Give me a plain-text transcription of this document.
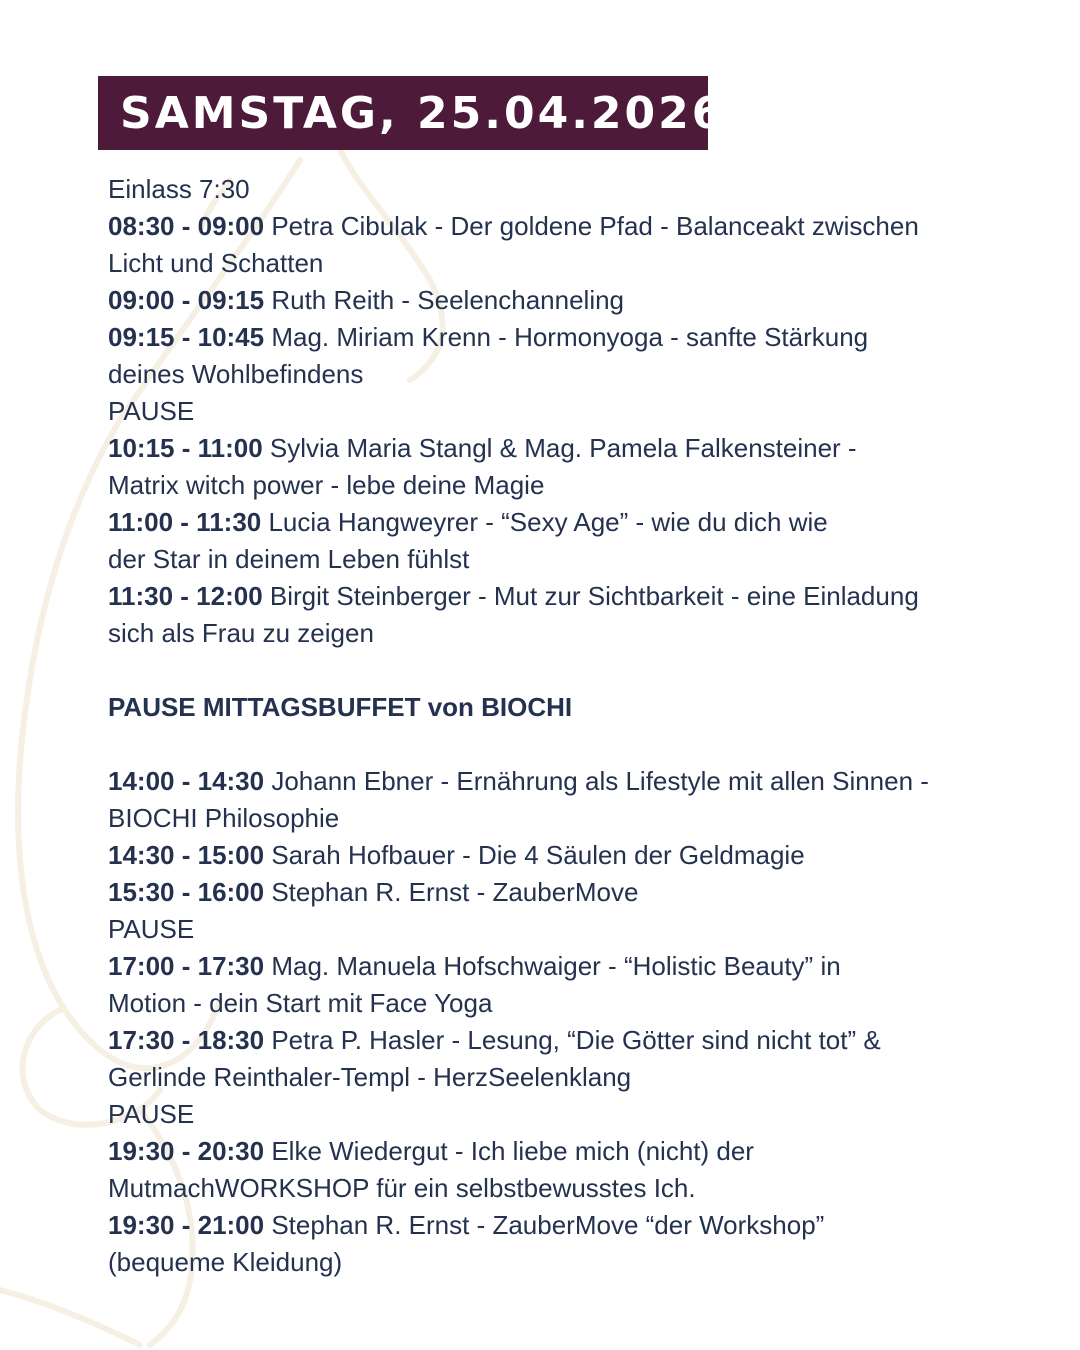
SAMSTAG, 25.04.2026
Einlass 7:30
08:30 - 09:00 Petra Cibulak - Der goldene Pfad - Balanceakt zwischen
Licht und Schatten
09:00 - 09:15 Ruth Reith - Seelenchanneling
09:15 - 10:45 Mag. Miriam Krenn - Hormonyoga - sanfte Stärkung
deines Wohlbefindens
PAUSE
10:15 - 11:00 Sylvia Maria Stangl & Mag. Pamela Falkensteiner -
Matrix witch power - lebe deine Magie
11:00 - 11:30 Lucia Hangweyrer - “Sexy Age” - wie du dich wie
der Star in deinem Leben fühlst
11:30 - 12:00 Birgit Steinberger - Mut zur Sichtbarkeit - eine Einladung
sich als Frau zu zeigen
PAUSE MITTAGSBUFFET von BIOCHI
14:00 - 14:30 Johann Ebner - Ernährung als Lifestyle mit allen Sinnen -
BIOCHI Philosophie
14:30 - 15:00 Sarah Hofbauer - Die 4 Säulen der Geldmagie
15:30 - 16:00 Stephan R. Ernst - ZauberMove
PAUSE
17:00 - 17:30 Mag. Manuela Hofschwaiger - “Holistic Beauty” in
Motion - dein Start mit Face Yoga
17:30 - 18:30 Petra P. Hasler - Lesung, “Die Götter sind nicht tot” &
Gerlinde Reinthaler-Templ - HerzSeelenklang
PAUSE
19:30 - 20:30 Elke Wiedergut - Ich liebe mich (nicht) der
MutmachWORKSHOP für ein selbstbewusstes Ich.
19:30 - 21:00 Stephan R. Ernst - ZauberMove “der Workshop”
(bequeme Kleidung)
